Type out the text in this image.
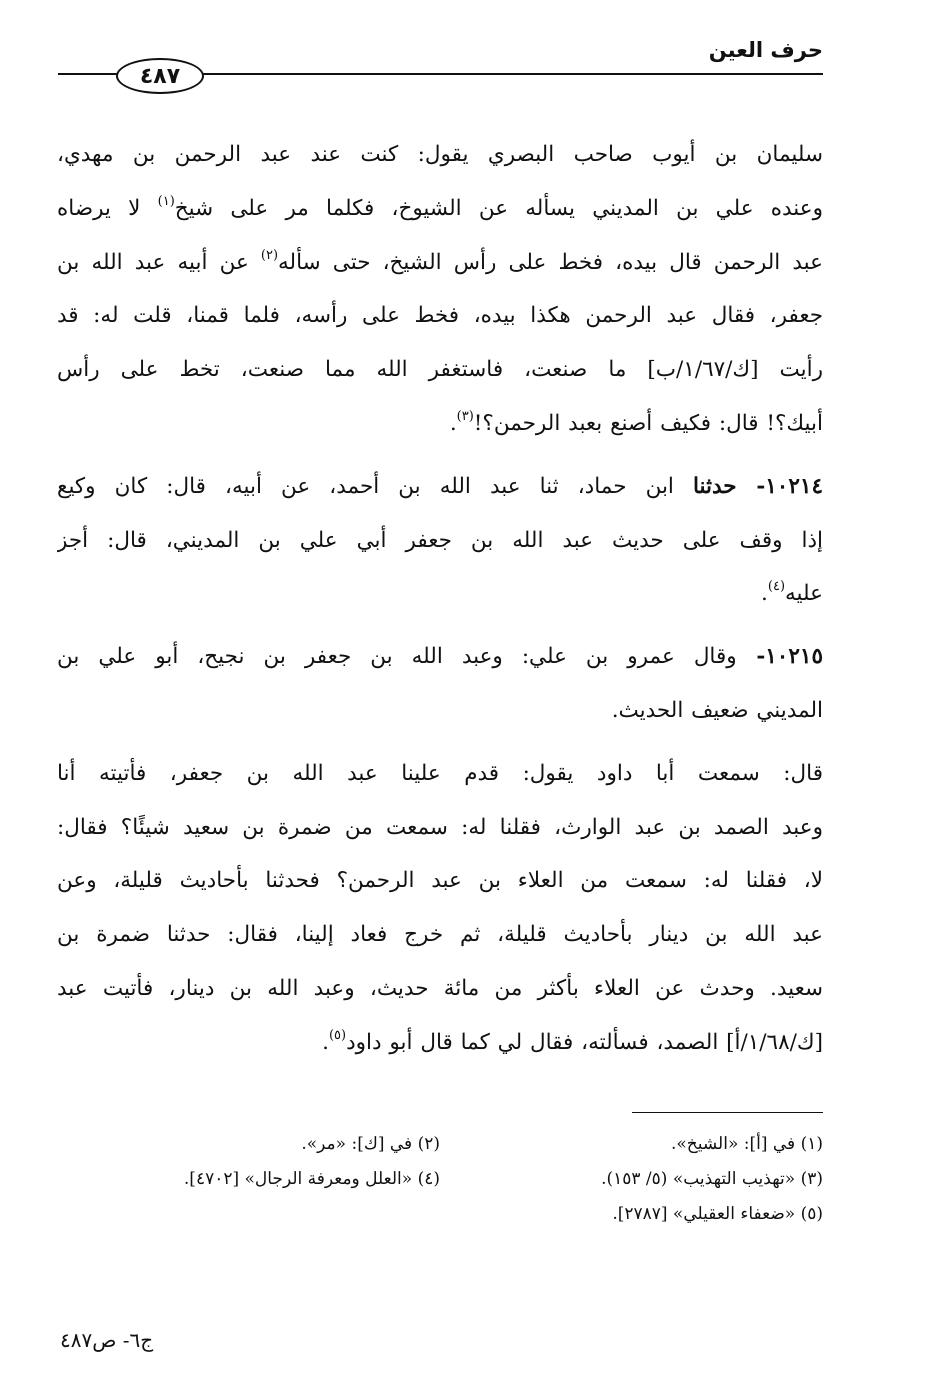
حرف العين
٤٨٧
سليمان بن أيوب صاحب البصري يقول: كنت عند عبد الرحمن بن مهدي،
وعنده علي بن المديني يسأله عن الشيوخ، فكلما مر على شيخ$^{(١)}$ لا يرضاه
عبد الرحمن قال بيده، فخط على رأس الشيخ، حتى سأله$^{(٢)}$ عن أبيه عبد الله بن
جعفر، فقال عبد الرحمن هكذا بيده، فخط على رأسه، فلما قمنا، قلت له: قد
رأيت [ك/١/٦٧/ب] ما صنعت، فاستغفر الله مما صنعت، تخط على رأس
أبيك؟! قال: فكيف أصنع بعبد الرحمن؟!$^{(٣)}$.
١٠٢١٤- حدثنا ابن حماد، ثنا عبد الله بن أحمد، عن أبيه، قال: كان وكيع
إذا وقف على حديث عبد الله بن جعفر أبي علي بن المديني، قال: أجز
عليه$^{(٤)}$.
١٠٢١٥- وقال عمرو بن علي: وعبد الله بن جعفر بن نجيح، أبو علي بن
المديني ضعيف الحديث.
قال: سمعت أبا داود يقول: قدم علينا عبد الله بن جعفر، فأتيته أنا
وعبد الصمد بن عبد الوارث، فقلنا له: سمعت من ضمرة بن سعيد شيئًا؟ فقال:
لا، فقلنا له: سمعت من العلاء بن عبد الرحمن؟ فحدثنا بأحاديث قليلة، وعن
عبد الله بن دينار بأحاديث قليلة، ثم خرج فعاد إلينا، فقال: حدثنا ضمرة بن
سعيد. وحدث عن العلاء بأكثر من مائة حديث، وعبد الله بن دينار، فأتيت عبد
[ك/١/٦٨/أ] الصمد، فسألته، فقال لي كما قال أبو داود$^{(٥)}$.
(١) في [أ]: «الشيخ».
(٢) في [ك]: «مر».
(٣) «تهذيب التهذيب» (٥/ ١٥٣).
(٤) «العلل ومعرفة الرجال» [٤٧٠٢].
(٥) «ضعفاء العقيلي» [٢٧٨٧].
ج٦- ص٤٨٧
